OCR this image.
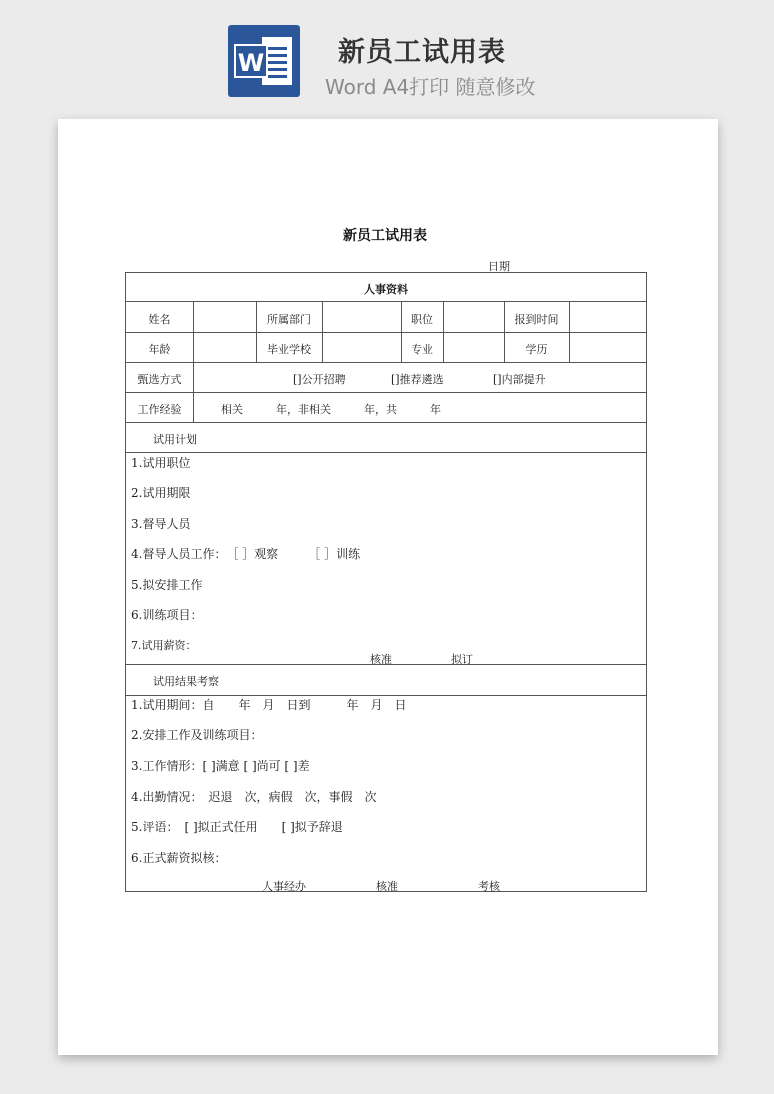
W	新员工试用表
Word A4打印 随意修改
新员工试用表
日期
人事资料
姓名	所属部门	职位	报到时间
年龄	毕业学校	专业	学历
甄选方式	[]公开招聘	[]推荐遴选	[]内部提升
工作经验	相关　　　年，非相关　　　年，共　　　年
试用计划
1.试用职位
2.试用期限
3.督导人员
4.督导人员工作：　［ ］观察　　　［ ］训练
5.拟安排工作
6.训练项目：
7.试用薪资：
核准	拟订
试用结果考察
1.试用期间：自　　年　月　日到　　　年　月　日
2.安排工作及训练项目：
3.工作情形：[ ]满意 [ ]尚可 [ ]差
4.出勤情况：　迟退　次，病假　次，事假　次
5.评语：　[ ]拟正式任用　　[ ]拟予辞退
6.正式薪资拟核：
人事经办	核准	考核
